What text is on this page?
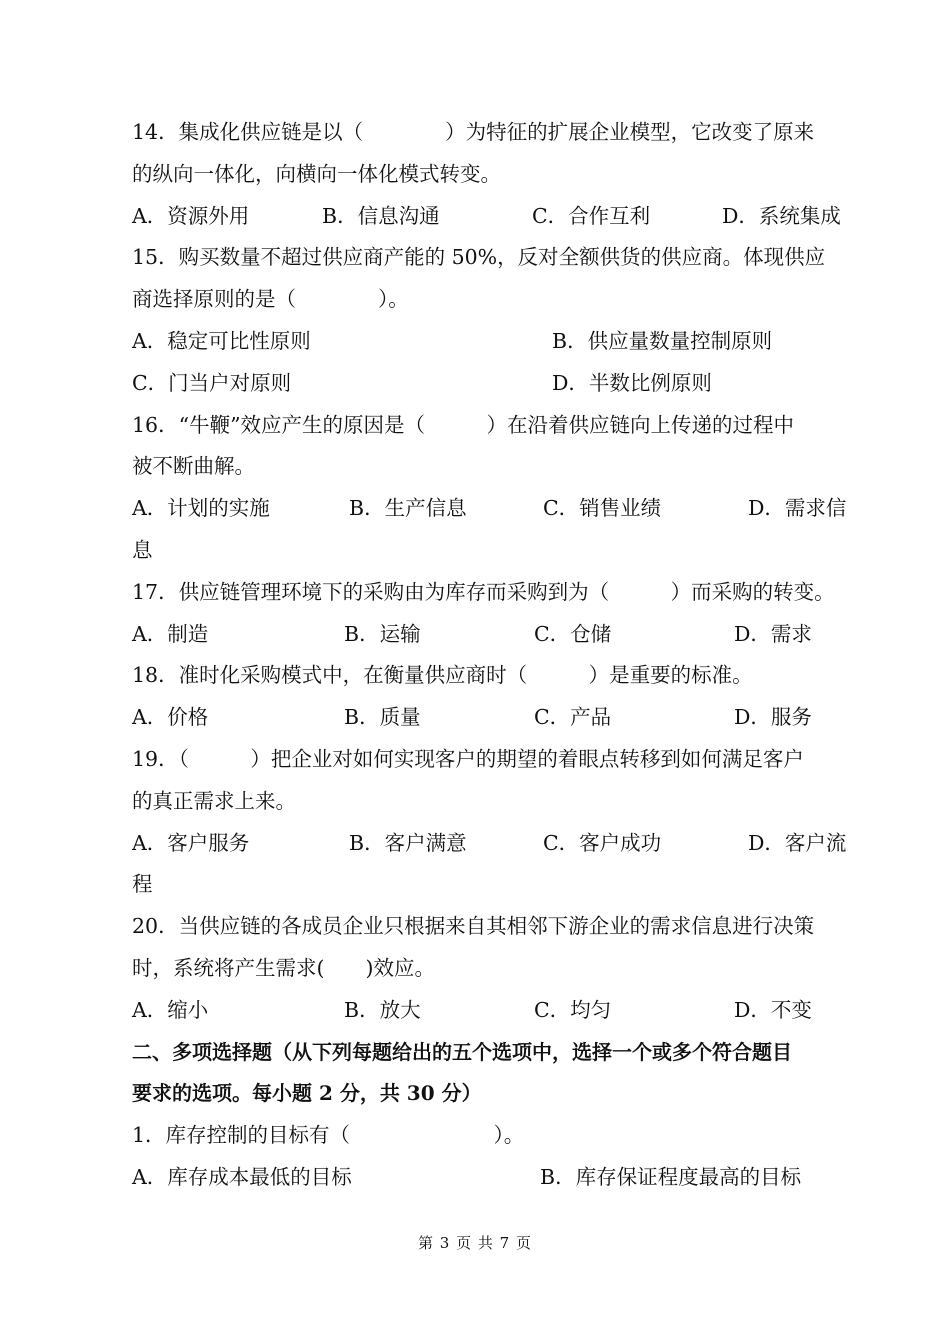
14．集成化供应链是以（　　　　）为特征的扩展企业模型，它改变了原来
的纵向一体化，向横向一体化模式转变。
A．资源外用	B．信息沟通	C．合作互利	D．系统集成
15．购买数量不超过供应商产能的 50%，反对全额供货的供应商。体现供应
商选择原则的是（　　　　）。
A．稳定可比性原则	B．供应量数量控制原则
C．门当户对原则	D．半数比例原则
16．“牛鞭”效应产生的原因是（　　　）在沿着供应链向上传递的过程中
被不断曲解。
A．计划的实施	B．生产信息	C．销售业绩	D．需求信
息
17．供应链管理环境下的采购由为库存而采购到为（　　　）而采购的转变。
A．制造	B．运输	C．仓储	D．需求
18．准时化采购模式中，在衡量供应商时（　　　）是重要的标准。
A．价格	B．质量	C．产品	D．服务
19．（　　　）把企业对如何实现客户的期望的着眼点转移到如何满足客户
的真正需求上来。
A．客户服务	B．客户满意	C．客户成功	D．客户流
程
20．当供应链的各成员企业只根据来自其相邻下游企业的需求信息进行决策
时，系统将产生需求(　　)效应。
A．缩小	B．放大	C．均匀	D．不变
二、多项选择题（从下列每题给出的五个选项中，选择一个或多个符合题目
要求的选项。每小题 2 分，共 30 分）
1．库存控制的目标有（　　　　　　　）。
A．库存成本最低的目标	B．库存保证程度最高的目标
第 3 页 共 7 页
